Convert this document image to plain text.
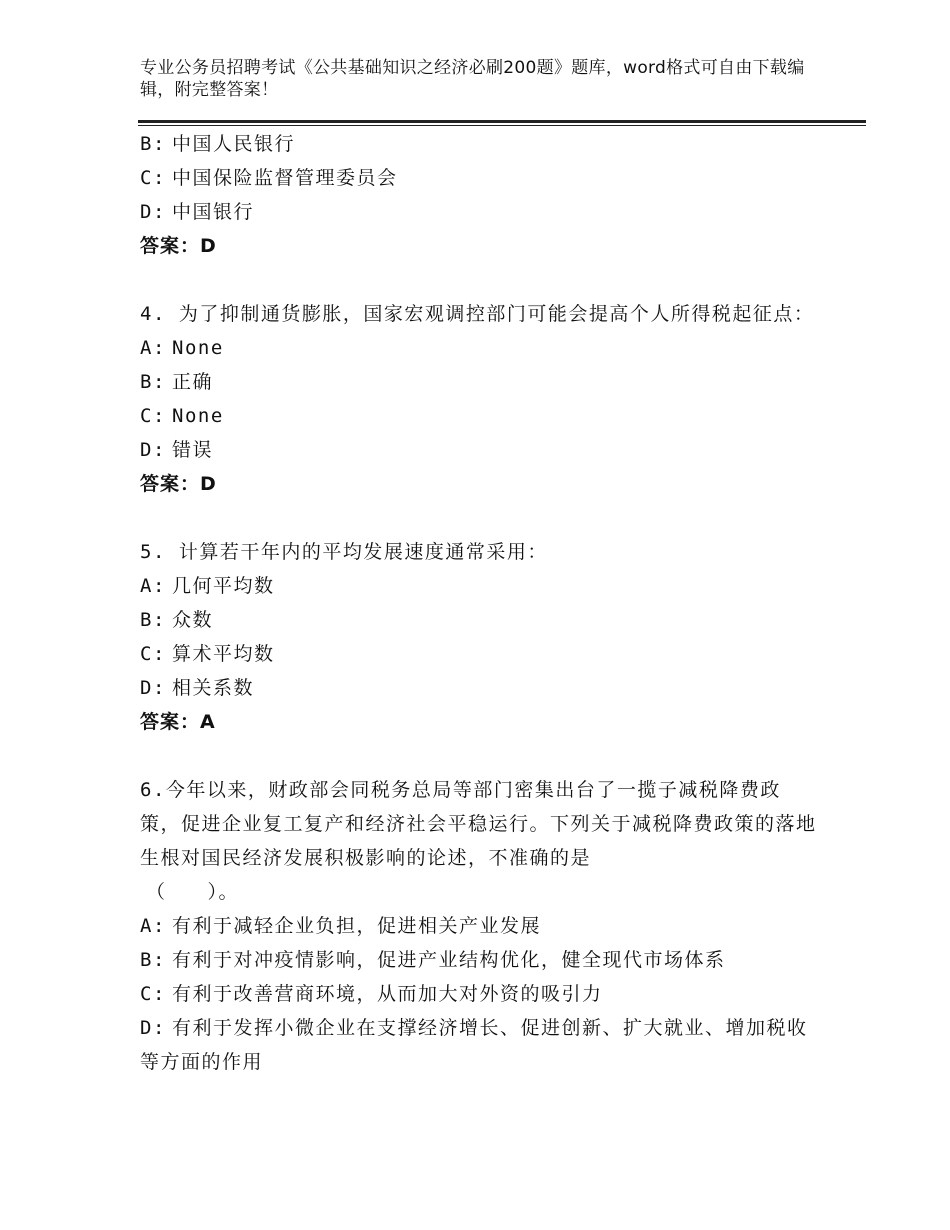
专业公务员招聘考试《公共基础知识之经济必刷200题》题库，word格式可自由下载编辑，附完整答案！
B: 中国人民银行
C: 中国保险监督管理委员会
D: 中国银行
答案：D
4. 为了抑制通货膨胀，国家宏观调控部门可能会提高个人所得税起征点：
A: None
B: 正确
C: None
D: 错误
答案：D
5. 计算若干年内的平均发展速度通常采用：
A: 几何平均数
B: 众数
C: 算术平均数
D: 相关系数
答案：A
6.今年以来，财政部会同税务总局等部门密集出台了一揽子减税降费政策，促进企业复工复产和经济社会平稳运行。下列关于减税降费政策的落地生根对国民经济发展积极影响的论述，不准确的是
（　　）。
A: 有利于减轻企业负担，促进相关产业发展
B: 有利于对冲疫情影响，促进产业结构优化，健全现代市场体系
C: 有利于改善营商环境，从而加大对外资的吸引力
D: 有利于发挥小微企业在支撑经济增长、促进创新、扩大就业、增加税收等方面的作用
